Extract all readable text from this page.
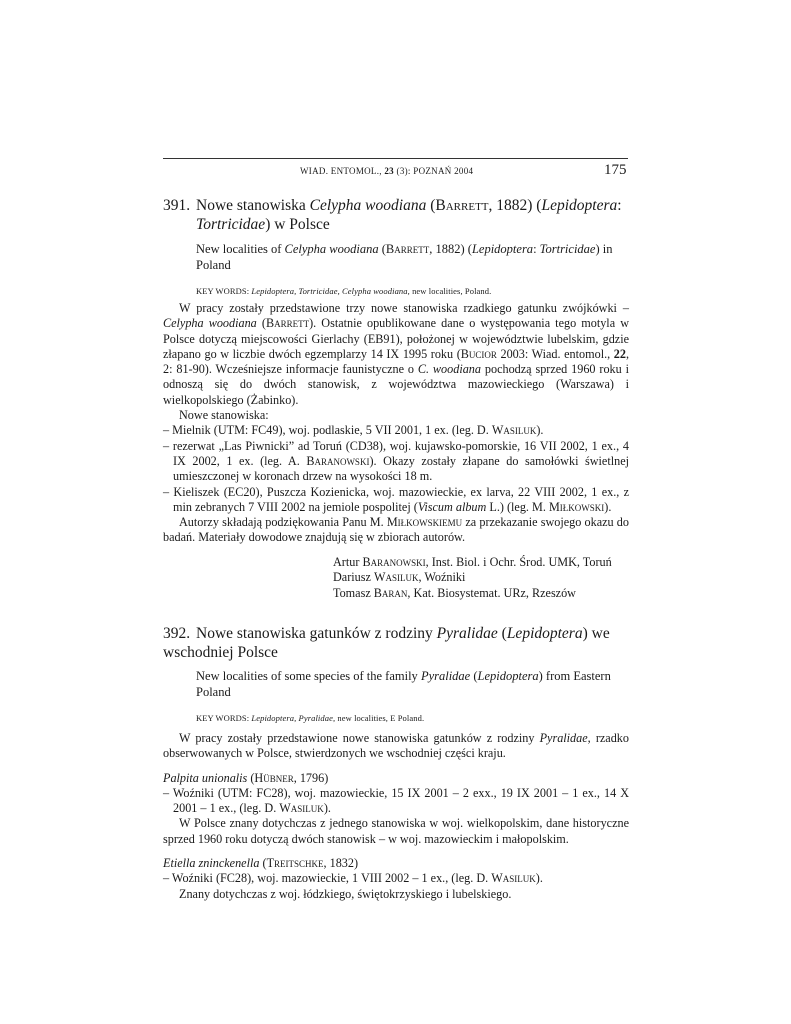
WIAD. ENTOMOL., 23 (3): POZNAŃ 2004	175
391. Nowe stanowiska Celypha woodiana (Barrett, 1882) (Lepidoptera:
Tortricidae) w Polsce
New localities of Celypha woodiana (Barrett, 1882) (Lepidoptera: Tortricidae) in Poland
KEY WORDS: Lepidoptera, Tortricidae, Celypha woodiana, new localities, Poland.

W pracy zostały przedstawione trzy nowe stanowiska rzadkiego gatunku zwójkówki – Celypha woodiana (Barrett). Ostatnie opublikowane dane o występowania tego motyla w Polsce dotyczą miejscowości Gierlachy (EB91), położonej w województwie lubelskim, gdzie złapano go w liczbie dwóch egzemplarzy 14 IX 1995 roku (Bucior 2003: Wiad. entomol., 22, 2: 81-90). Wcześniejsze informacje faunistyczne o C. woodiana pochodzą sprzed 1960 roku i odnoszą się do dwóch stanowisk, z województwa mazowieckiego (Warszawa) i wielkopolskiego (Żabinko).

Nowe stanowiska:

– Mielnik (UTM: FC49), woj. podlaskie, 5 VII 2001, 1 ex. (leg. D. Wasiluk).

– rezerwat „Las Piwnicki” ad Toruń (CD38), woj. kujawsko-pomorskie, 16 VII 2002, 1 ex., 4 IX 2002, 1 ex. (leg. A. Baranowski). Okazy zostały złapane do samołówki świetlnej umieszczonej w koronach drzew na wysokości 18 m.

– Kieliszek (EC20), Puszcza Kozienicka, woj. mazowieckie, ex larva, 22 VIII 2002, 1 ex., z min zebranych 7 VIII 2002 na jemiole pospolitej (Viscum album L.) (leg. M. Miłkowski).

Autorzy składają podziękowania Panu M. Miłkowskiemu za przekazanie swojego okazu do badań. Materiały dowodowe znajdują się w zbiorach autorów.

Artur Baranowski, Inst. Biol. i Ochr. Środ. UMK, Toruń
Dariusz Wasiluk, Woźniki
Tomasz Baran, Kat. Biosystemat. URz, Rzeszów
392. Nowe stanowiska gatunków z rodziny Pyralidae (Lepidoptera) we wschodniej Polsce
New localities of some species of the family Pyralidae (Lepidoptera) from Eastern Poland
KEY WORDS: Lepidoptera, Pyralidae, new localities, E Poland.

W pracy zostały przedstawione nowe stanowiska gatunków z rodziny Pyralidae, rzadko obserwowanych w Polsce, stwierdzonych we wschodniej części kraju.

Palpita unionalis (Hübner, 1796)

– Woźniki (UTM: FC28), woj. mazowieckie, 15 IX 2001 – 2 exx., 19 IX 2001 – 1 ex., 14 X 2001 – 1 ex., (leg. D. Wasiluk).

W Polsce znany dotychczas z jednego stanowiska w woj. wielkopolskim, dane historyczne sprzed 1960 roku dotyczą dwóch stanowisk – w woj. mazowieckim i małopolskim.

Etiella zninckenella (Treitschke, 1832)

– Woźniki (FC28), woj. mazowieckie, 1 VIII 2002 – 1 ex., (leg. D. Wasiluk).

Znany dotychczas z woj. łódzkiego, świętokrzyskiego i lubelskiego.
